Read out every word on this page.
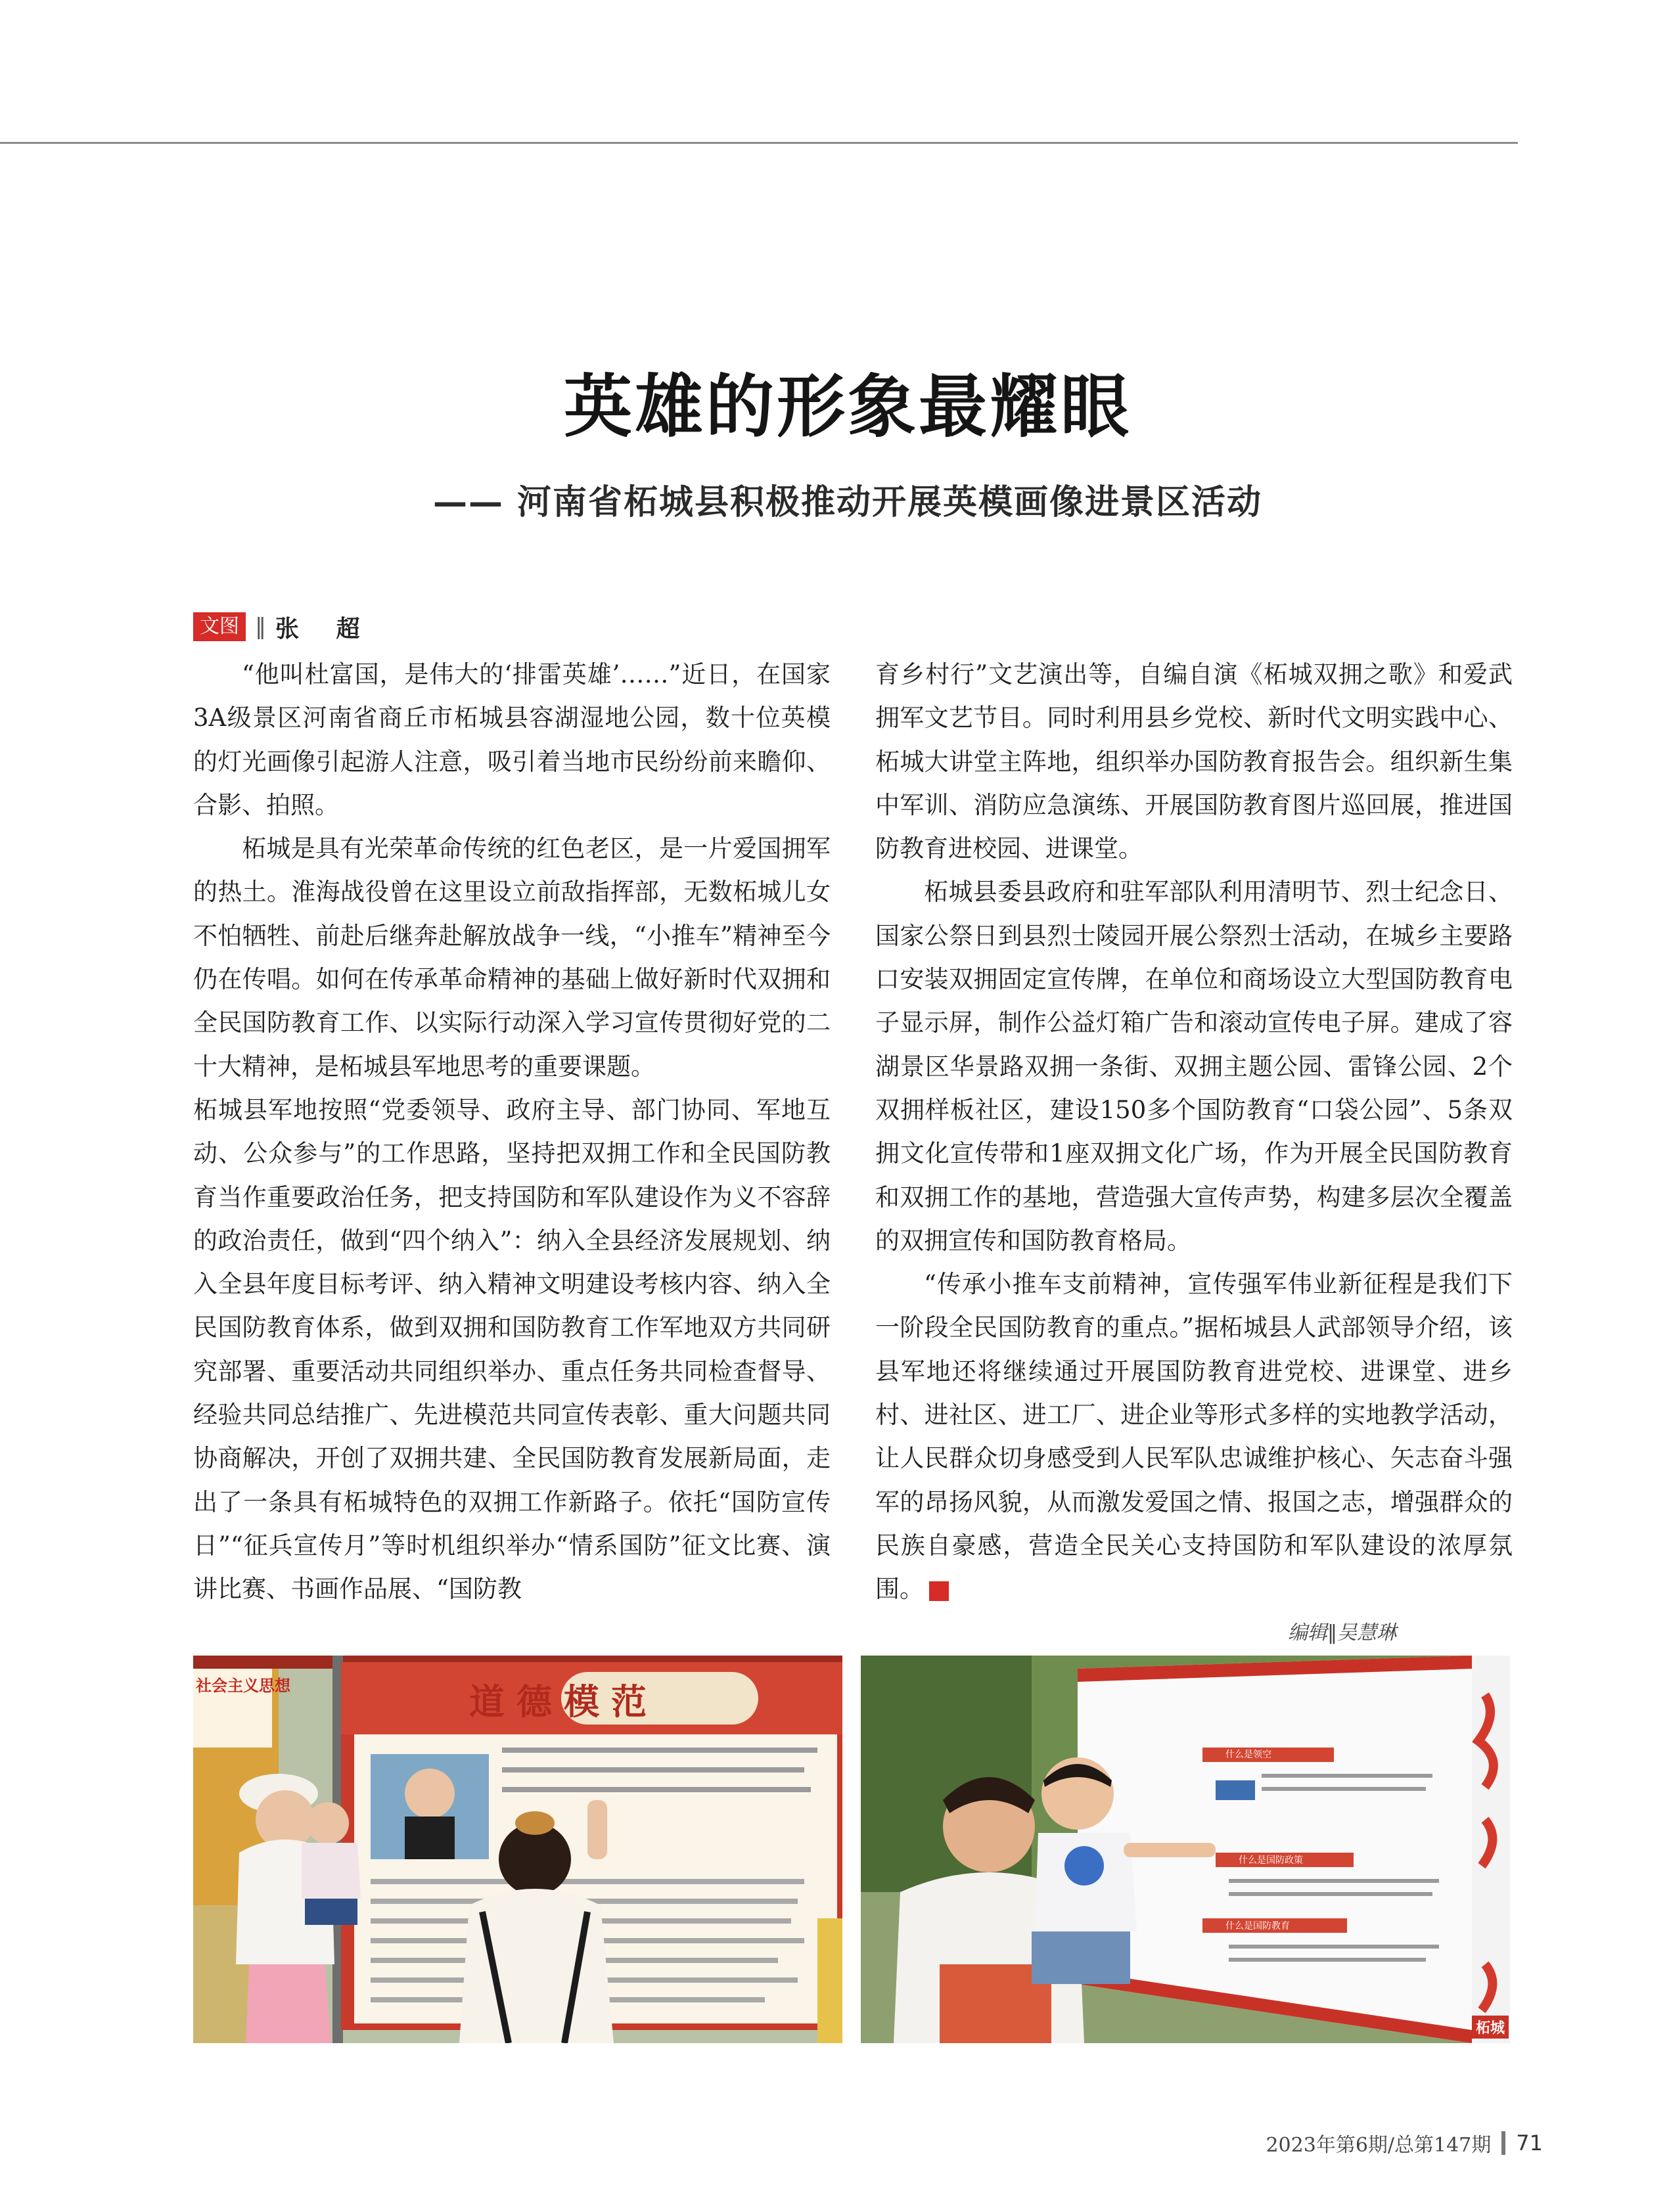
英雄的形象最耀眼
—— 河南省柘城县积极推动开展英模画像进景区活动
文图 ‖ 张 超

“他叫杜富国，是伟大的‘排雷英雄’……”近日，在国家3A级景区河南省商丘市柘城县容湖湿地公园，数十位英模的灯光画像引起游人注意，吸引着当地市民纷纷前来瞻仰、合影、拍照。

柘城是具有光荣革命传统的红色老区，是一片爱国拥军的热土。淮海战役曾在这里设立前敌指挥部，无数柘城儿女不怕牺牲、前赴后继奔赴解放战争一线，“小推车”精神至今仍在传唱。如何在传承革命精神的基础上做好新时代双拥和全民国防教育工作、以实际行动深入学习宣传贯彻好党的二十大精神，是柘城县军地思考的重要课题。

柘城县军地按照“党委领导、政府主导、部门协同、军地互动、公众参与”的工作思路，坚持把双拥工作和全民国防教育当作重要政治任务，把支持国防和军队建设作为义不容辞的政治责任，做到“四个纳入”：纳入全县经济发展规划、纳入全县年度目标考评、纳入精神文明建设考核内容、纳入全民国防教育体系，做到双拥和国防教育工作军地双方共同研究部署、重要活动共同组织举办、重点任务共同检查督导、经验共同总结推广、先进模范共同宣传表彰、重大问题共同协商解决，开创了双拥共建、全民国防教育发展新局面，走出了一条具有柘城特色的双拥工作新路子。依托“国防宣传日”“征兵宣传月”等时机组织举办“情系国防”征文比赛、演讲比赛、书画作品展、“国防教

育乡村行”文艺演出等，自编自演《柘城双拥之歌》和爱武拥军文艺节目。同时利用县乡党校、新时代文明实践中心、柘城大讲堂主阵地，组织举办国防教育报告会。组织新生集中军训、消防应急演练、开展国防教育图片巡回展，推进国防教育进校园、进课堂。

柘城县委县政府和驻军部队利用清明节、烈士纪念日、国家公祭日到县烈士陵园开展公祭烈士活动，在城乡主要路口安装双拥固定宣传牌，在单位和商场设立大型国防教育电子显示屏，制作公益灯箱广告和滚动宣传电子屏。建成了容湖景区华景路双拥一条街、双拥主题公园、雷锋公园、2个双拥样板社区，建设150多个国防教育“口袋公园”、5条双拥文化宣传带和1座双拥文化广场，作为开展全民国防教育和双拥工作的基地，营造强大宣传声势，构建多层次全覆盖的双拥宣传和国防教育格局。

“传承小推车支前精神，宣传强军伟业新征程是我们下一阶段全民国防教育的重点。”据柘城县人武部领导介绍，该县军地还将继续通过开展国防教育进党校、进课堂、进乡村、进社区、进工厂、进企业等形式多样的实地教学活动，让人民群众切身感受到人民军队忠诚维护核心、矢志奋斗强军的昂扬风貌，从而激发爱国之情、报国之志，增强群众的民族自豪感，营造全民关心支持国防和军队建设的浓厚氛围。	G

编辑‖吴慧琳
道德模范
社会主义思想
什么是领空
什么是国防政策
什么是国防教育
柘城
2023年第6期/总第147期 71
